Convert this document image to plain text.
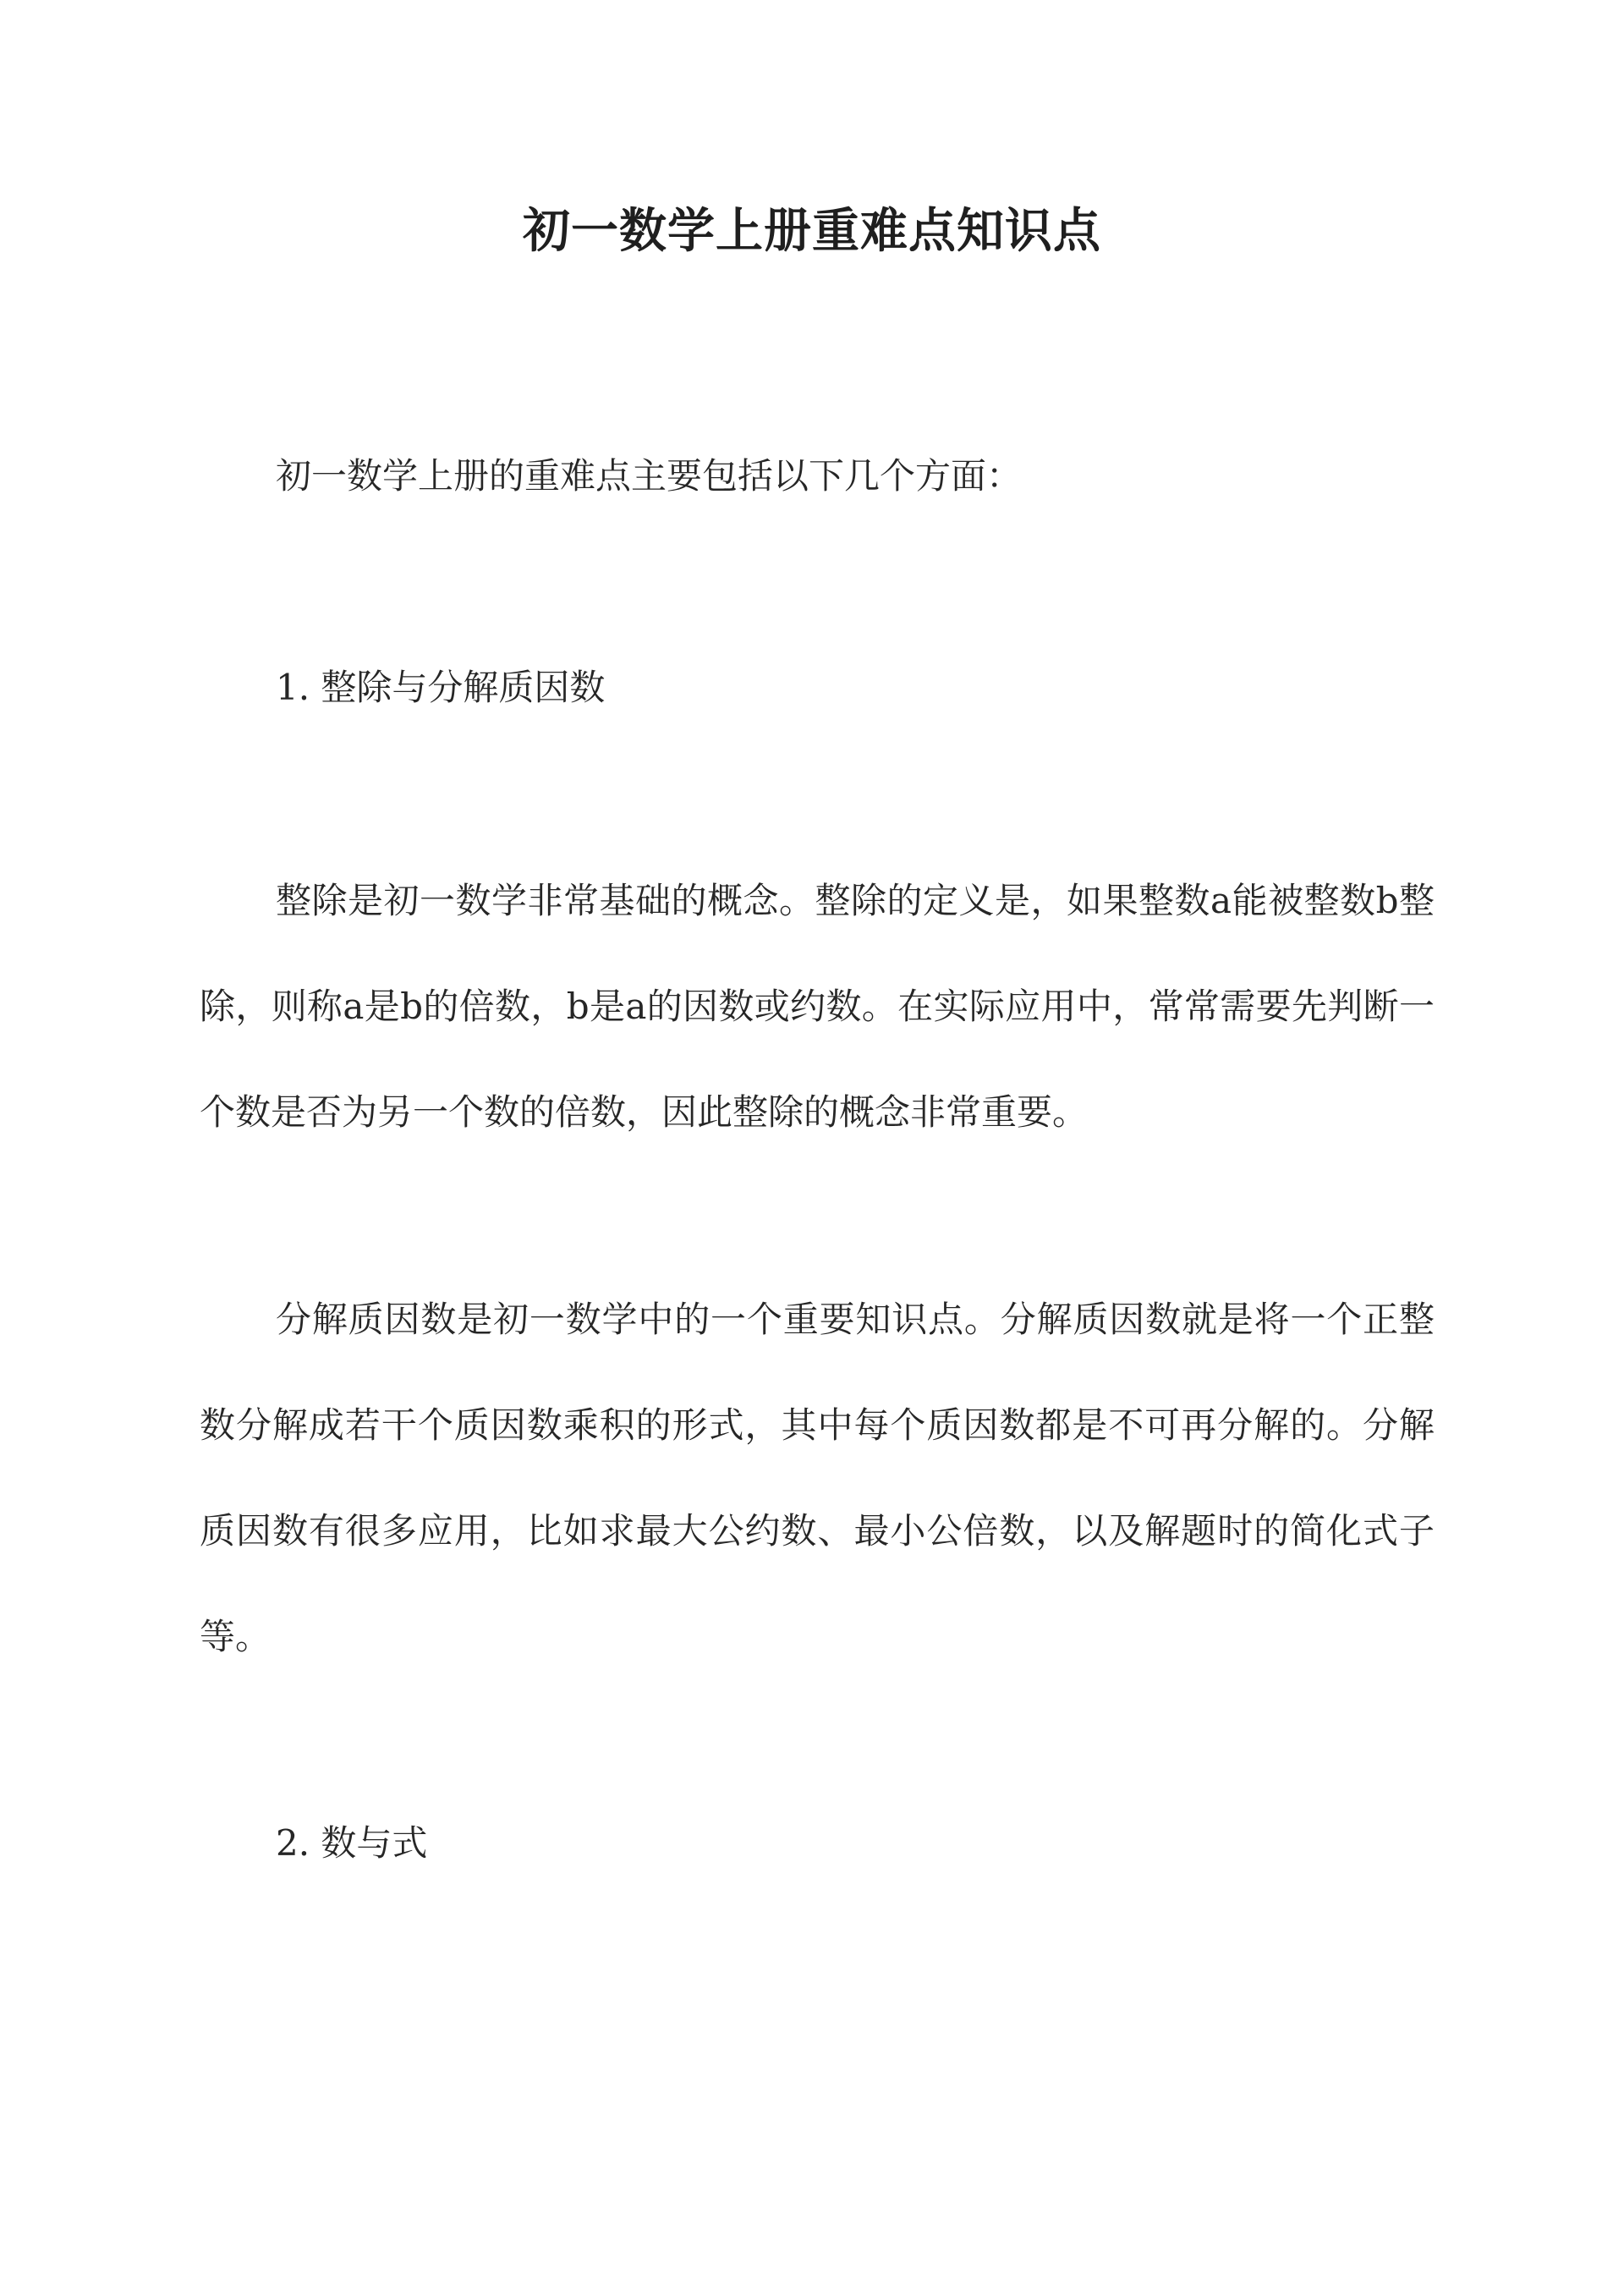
初一数学上册重难点知识点

初一数学上册的重难点主要包括以下几个方面：

1. 整除与分解质因数

整除是初一数学非常基础的概念。整除的定义是，如果整数a能被整数b整除，则称a是b的倍数，b是a的因数或约数。在实际应用中，常常需要先判断一个数是否为另一个数的倍数，因此整除的概念非常重要。

分解质因数是初一数学中的一个重要知识点。分解质因数就是将一个正整数分解成若干个质因数乘积的形式，其中每个质因数都是不可再分解的。分解质因数有很多应用，比如求最大公约数、最小公倍数，以及解题时的简化式子等。

2. 数与式
